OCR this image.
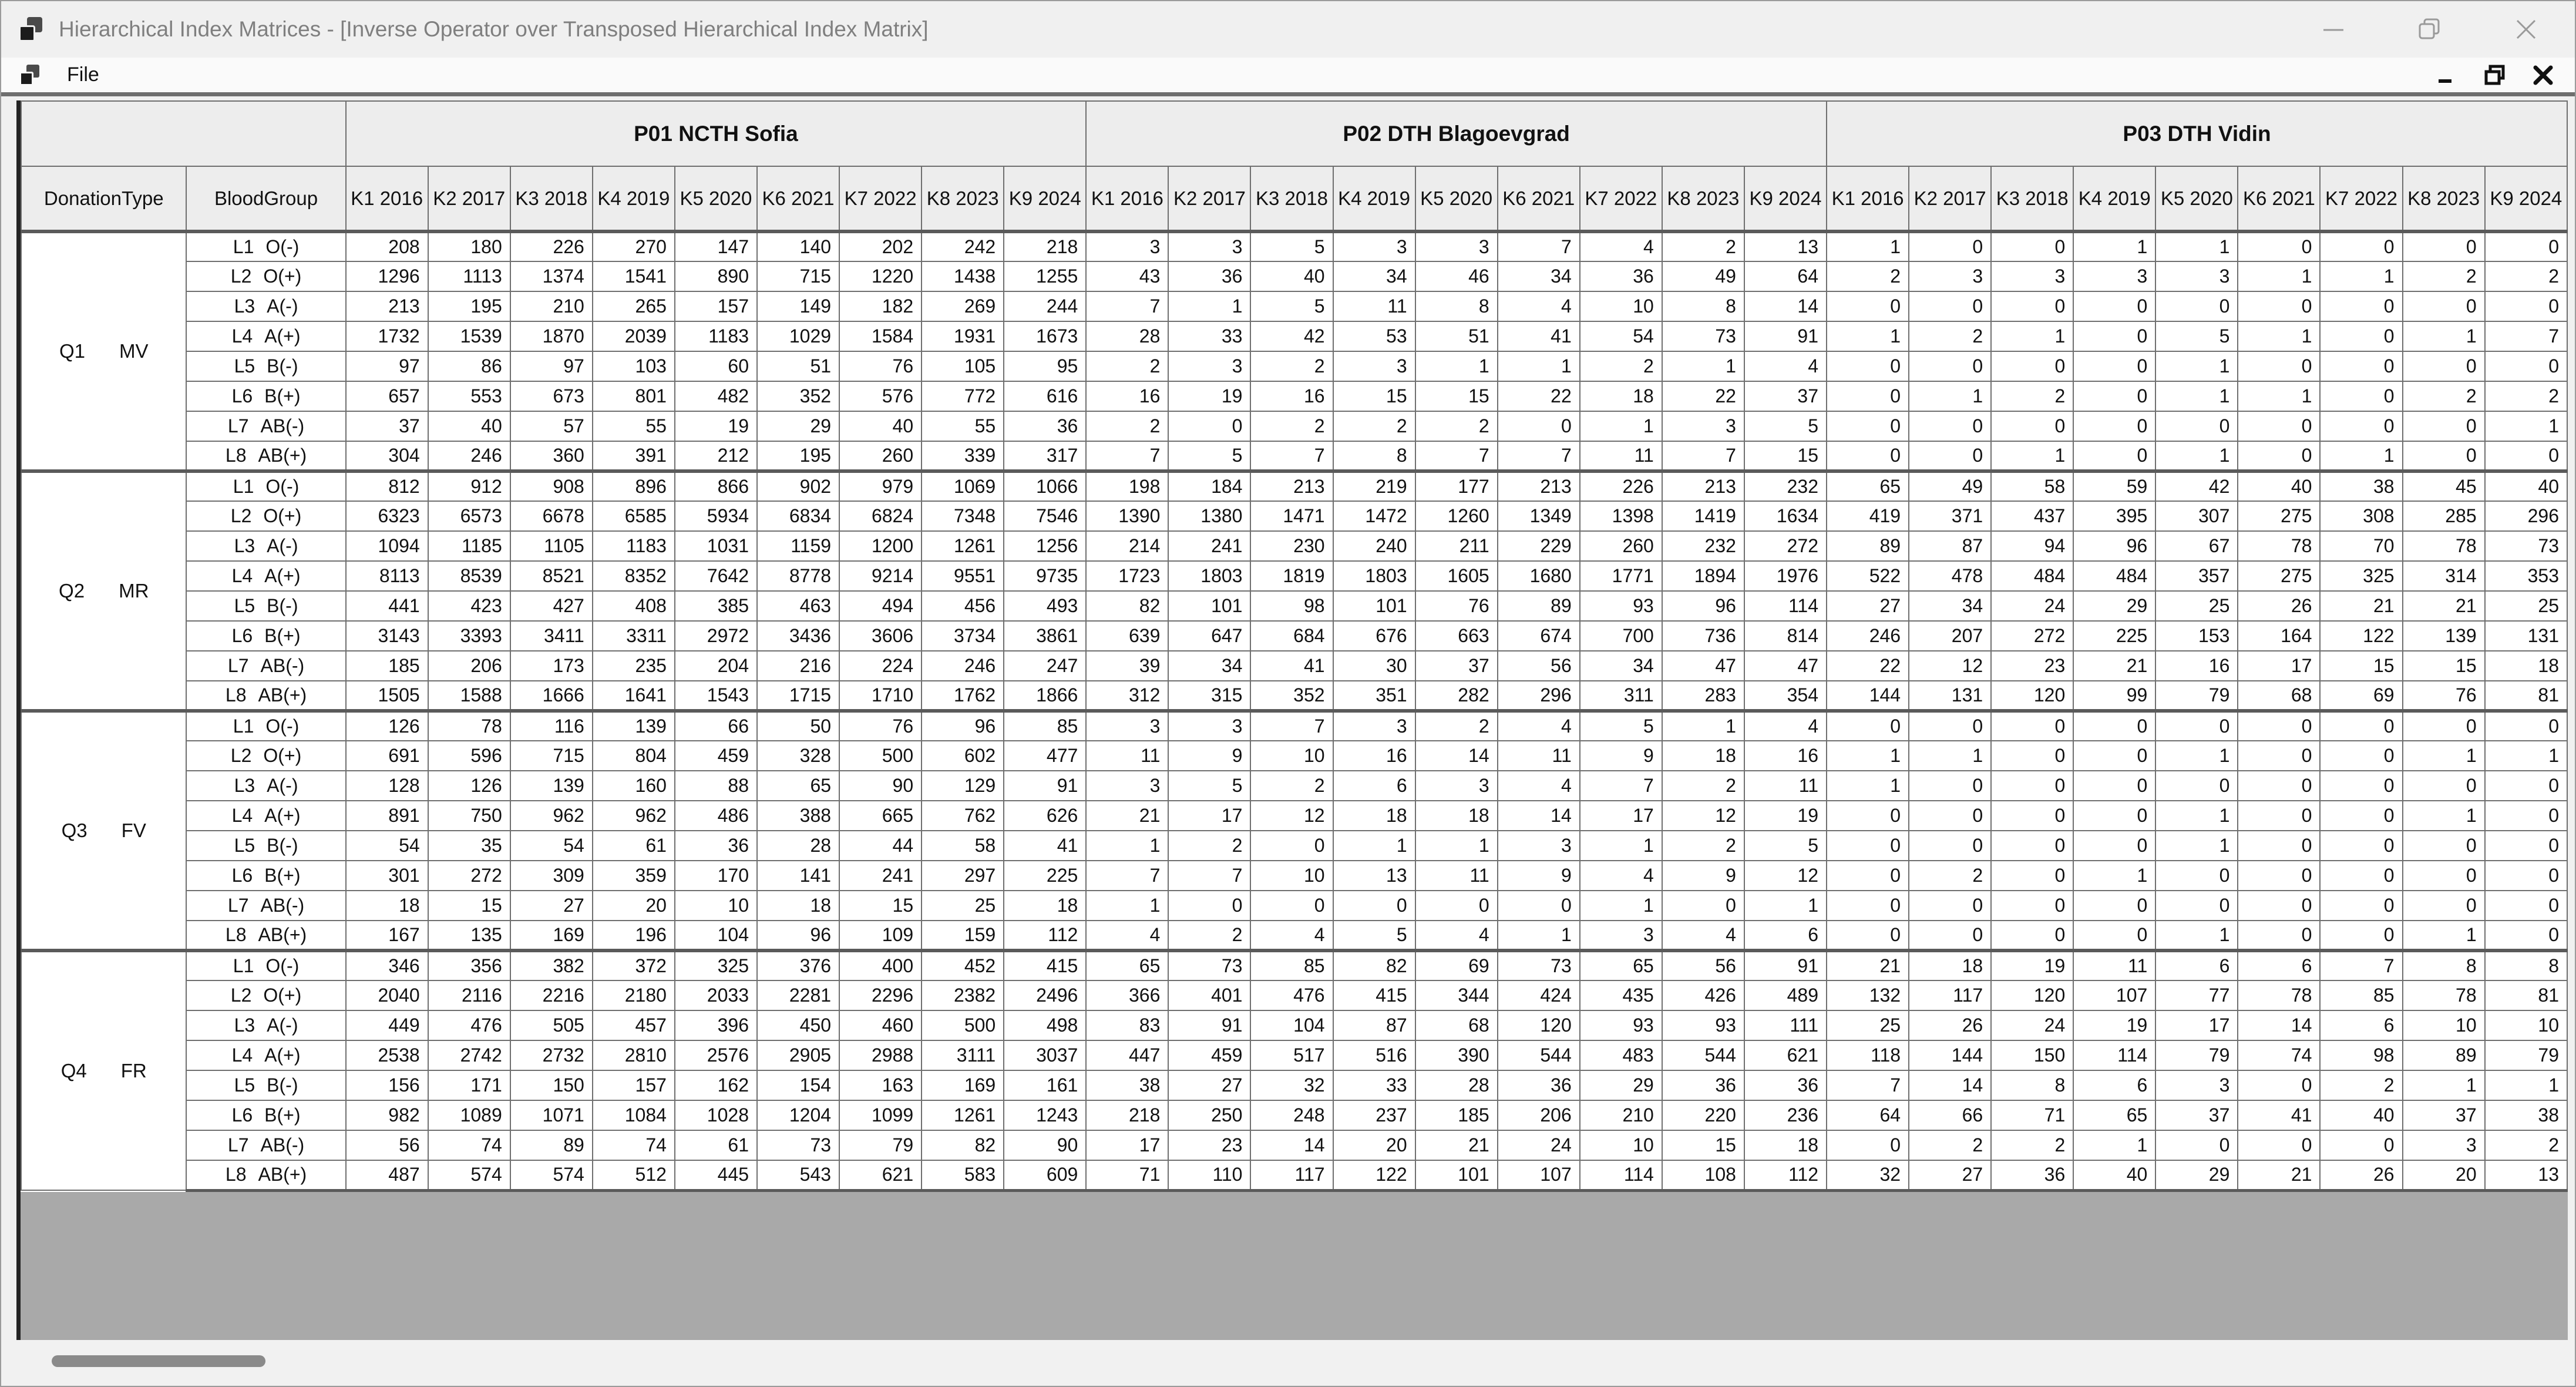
Hierarchical Index Matrices - [Inverse Operator over Transposed Hierarchical Index Matrix]
File
		P01 NCTH Sofia									P02 DTH Blagoevgrad									P03 DTH Vidin								
DonationType	BloodGroup	K1 2016	K2 2017	K3 2018	K4 2019	K5 2020	K6 2021	K7 2022	K8 2023	K9 2024	K1 2016	K2 2017	K3 2018	K4 2019	K5 2020	K6 2021	K7 2022	K8 2023	K9 2024	K1 2016	K2 2017	K3 2018	K4 2019	K5 2020	K6 2021	K7 2022	K8 2023	K9 2024

Q1 MV	L1 O(-)	208	180	226	270	147	140	202	242	218	3	3	5	3	3	7	4	2	13	1	0	0	1	1	0	0	0	0

	L2 O(+)	1296	1113	1374	1541	890	715	1220	1438	1255	43	36	40	34	46	34	36	49	64	2	3	3	3	3	1	1	2	2

	L3 A(-)	213	195	210	265	157	149	182	269	244	7	1	5	11	8	4	10	8	14	0	0	0	0	0	0	0	0	0

	L4 A(+)	1732	1539	1870	2039	1183	1029	1584	1931	1673	28	33	42	53	51	41	54	73	91	1	2	1	0	5	1	0	1	7

	L5 B(-)	97	86	97	103	60	51	76	105	95	2	3	2	3	1	1	2	1	4	0	0	0	0	1	0	0	0	0

	L6 B(+)	657	553	673	801	482	352	576	772	616	16	19	16	15	15	22	18	22	37	0	1	2	0	1	1	0	2	2

	L7 AB(-)	37	40	57	55	19	29	40	55	36	2	0	2	2	2	0	1	3	5	0	0	0	0	0	0	0	0	1

	L8 AB(+)	304	246	360	391	212	195	260	339	317	7	5	7	8	7	7	11	7	15	0	0	1	0	1	0	1	0	0

Q2 MR	L1 O(-)	812	912	908	896	866	902	979	1069	1066	198	184	213	219	177	213	226	213	232	65	49	58	59	42	40	38	45	40

	L2 O(+)	6323	6573	6678	6585	5934	6834	6824	7348	7546	1390	1380	1471	1472	1260	1349	1398	1419	1634	419	371	437	395	307	275	308	285	296

	L3 A(-)	1094	1185	1105	1183	1031	1159	1200	1261	1256	214	241	230	240	211	229	260	232	272	89	87	94	96	67	78	70	78	73

	L4 A(+)	8113	8539	8521	8352	7642	8778	9214	9551	9735	1723	1803	1819	1803	1605	1680	1771	1894	1976	522	478	484	484	357	275	325	314	353

	L5 B(-)	441	423	427	408	385	463	494	456	493	82	101	98	101	76	89	93	96	114	27	34	24	29	25	26	21	21	25

	L6 B(+)	3143	3393	3411	3311	2972	3436	3606	3734	3861	639	647	684	676	663	674	700	736	814	246	207	272	225	153	164	122	139	131

	L7 AB(-)	185	206	173	235	204	216	224	246	247	39	34	41	30	37	56	34	47	47	22	12	23	21	16	17	15	15	18

	L8 AB(+)	1505	1588	1666	1641	1543	1715	1710	1762	1866	312	315	352	351	282	296	311	283	354	144	131	120	99	79	68	69	76	81

Q3 FV	L1 O(-)	126	78	116	139	66	50	76	96	85	3	3	7	3	2	4	5	1	4	0	0	0	0	0	0	0	0	0

	L2 O(+)	691	596	715	804	459	328	500	602	477	11	9	10	16	14	11	9	18	16	1	1	0	0	1	0	0	1	1

	L3 A(-)	128	126	139	160	88	65	90	129	91	3	5	2	6	3	4	7	2	11	1	0	0	0	0	0	0	0	0

	L4 A(+)	891	750	962	962	486	388	665	762	626	21	17	12	18	18	14	17	12	19	0	0	0	0	1	0	0	1	0

	L5 B(-)	54	35	54	61	36	28	44	58	41	1	2	0	1	1	3	1	2	5	0	0	0	0	1	0	0	0	0

	L6 B(+)	301	272	309	359	170	141	241	297	225	7	7	10	13	11	9	4	9	12	0	2	0	1	0	0	0	0	0

	L7 AB(-)	18	15	27	20	10	18	15	25	18	1	0	0	0	0	0	1	0	1	0	0	0	0	0	0	0	0	0

	L8 AB(+)	167	135	169	196	104	96	109	159	112	4	2	4	5	4	1	3	4	6	0	0	0	0	1	0	0	1	0

Q4 FR	L1 O(-)	346	356	382	372	325	376	400	452	415	65	73	85	82	69	73	65	56	91	21	18	19	11	6	6	7	8	8

	L2 O(+)	2040	2116	2216	2180	2033	2281	2296	2382	2496	366	401	476	415	344	424	435	426	489	132	117	120	107	77	78	85	78	81

	L3 A(-)	449	476	505	457	396	450	460	500	498	83	91	104	87	68	120	93	93	111	25	26	24	19	17	14	6	10	10

	L4 A(+)	2538	2742	2732	2810	2576	2905	2988	3111	3037	447	459	517	516	390	544	483	544	621	118	144	150	114	79	74	98	89	79

	L5 B(-)	156	171	150	157	162	154	163	169	161	38	27	32	33	28	36	29	36	36	7	14	8	6	3	0	2	1	1

	L6 B(+)	982	1089	1071	1084	1028	1204	1099	1261	1243	218	250	248	237	185	206	210	220	236	64	66	71	65	37	41	40	37	38

	L7 AB(-)	56	74	89	74	61	73	79	82	90	17	23	14	20	21	24	10	15	18	0	2	2	1	0	0	0	3	2

	L8 AB(+)	487	574	574	512	445	543	621	583	609	71	110	117	122	101	107	114	108	112	32	27	36	40	29	21	26	20	13
